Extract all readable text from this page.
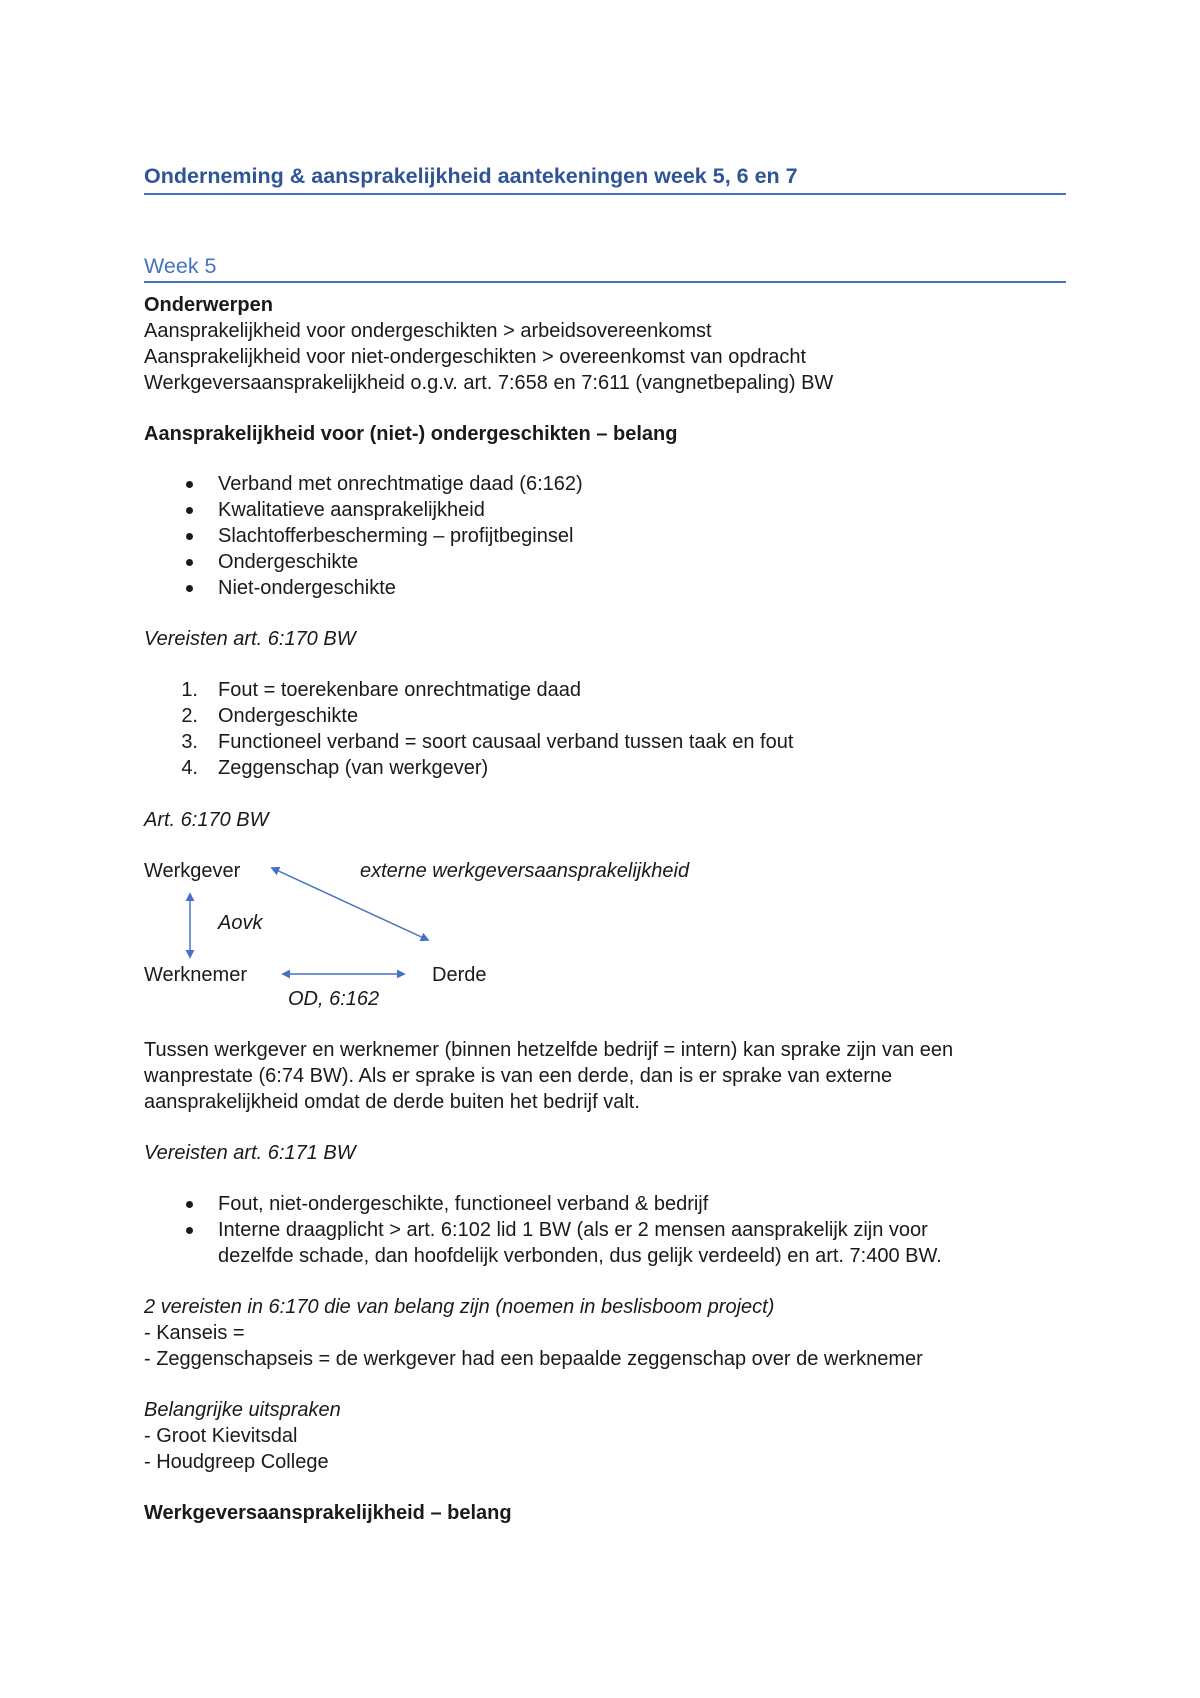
Onderneming & aansprakelijkheid aantekeningen week 5, 6 en 7
Week 5
Onderwerpen
Aansprakelijkheid voor ondergeschikten > arbeidsovereenkomst
Aansprakelijkheid voor niet-ondergeschikten > overeenkomst van opdracht
Werkgeversaansprakelijkheid o.g.v. art. 7:658 en 7:611 (vangnetbepaling) BW
Aansprakelijkheid voor (niet-) ondergeschikten – belang
Verband met onrechtmatige daad (6:162)
Kwalitatieve aansprakelijkheid
Slachtofferbescherming – profijtbeginsel
Ondergeschikte
Niet-ondergeschikte
Vereisten art. 6:170 BW
1. Fout = toerekenbare onrechtmatige daad
2. Ondergeschikte
3. Functioneel verband = soort causaal verband tussen taak en fout
4. Zeggenschap (van werkgever)
Art. 6:170 BW
Werkgever	externe werkgeversaansprakelijkheid
Aovk
Werknemer	Derde
OD, 6:162
Tussen werkgever en werknemer (binnen hetzelfde bedrijf = intern) kan sprake zijn van een
wanprestate (6:74 BW). Als er sprake is van een derde, dan is er sprake van externe
aansprakelijkheid omdat de derde buiten het bedrijf valt.
Vereisten art. 6:171 BW
Fout, niet-ondergeschikte, functioneel verband & bedrijf
Interne draagplicht > art. 6:102 lid 1 BW (als er 2 mensen aansprakelijk zijn voor
dezelfde schade, dan hoofdelijk verbonden, dus gelijk verdeeld) en art. 7:400 BW.
2 vereisten in 6:170 die van belang zijn (noemen in beslisboom project)
- Kanseis =
- Zeggenschapseis = de werkgever had een bepaalde zeggenschap over de werknemer
Belangrijke uitspraken
- Groot Kievitsdal
- Houdgreep College
Werkgeversaansprakelijkheid – belang
